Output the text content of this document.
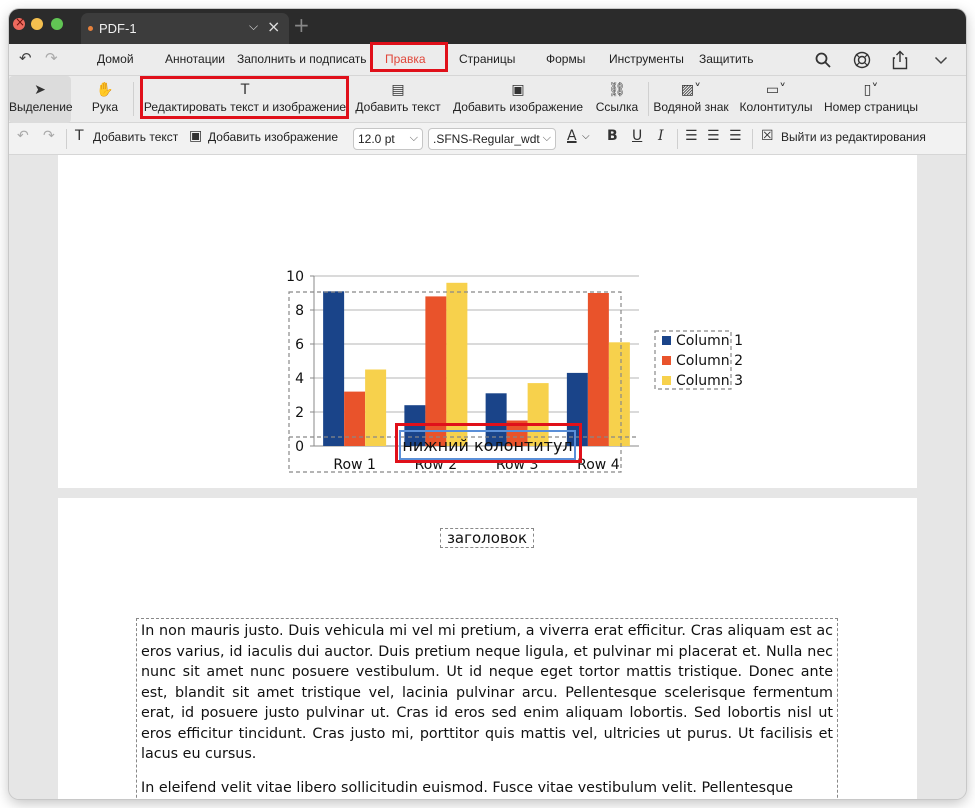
×
PDF-1	⌵ × +
↶ ↷	Домой	Аннотации Заполнить и подписать Правка	Страницы	Формы Инструменты Защитить
➤
Выделение
✋
Рука
T
Редактировать текст и изображение
▤
Добавить текст
▣
Добавить изображение
⛓
Ссылка
▨˅
Водяной знак
▭˅
Колонтитулы
▯˅
Номер страницы
↶ ↷ T Добавить текст ▣ Добавить изображение	12.0 pt ⌵	.SFNS-Regular_wdt ⌵ A ⌵ B U I ☰ ☰ ☰ ☒ Выйти из редактирования
0
2
4
6
8
10
Row 1	Row 2	Row 3	Row 4
Column 1
Column 2
Column 3
нижний колонтитул
заголовок

In non mauris justo. Duis vehicula mi vel mi pretium, a viverra erat efficitur. Cras aliquam est ac eros varius, id iaculis dui auctor. Duis pretium neque ligula, et pulvinar mi placerat et. Nulla nec nunc sit amet nunc posuere vestibulum. Ut id neque eget tortor mattis tristique. Donec ante est, blandit sit amet tristique vel, lacinia pulvinar arcu. Pellentesque scelerisque fermentum erat, id posuere justo pulvinar ut. Cras id eros sed enim aliquam lobortis. Sed lobortis nisl ut eros efficitur tincidunt. Cras justo mi, porttitor quis mattis vel, ultricies ut purus. Ut facilisis et lacus eu cursus.

In eleifend velit vitae libero sollicitudin euismod. Fusce vitae vestibulum velit. Pellentesque
